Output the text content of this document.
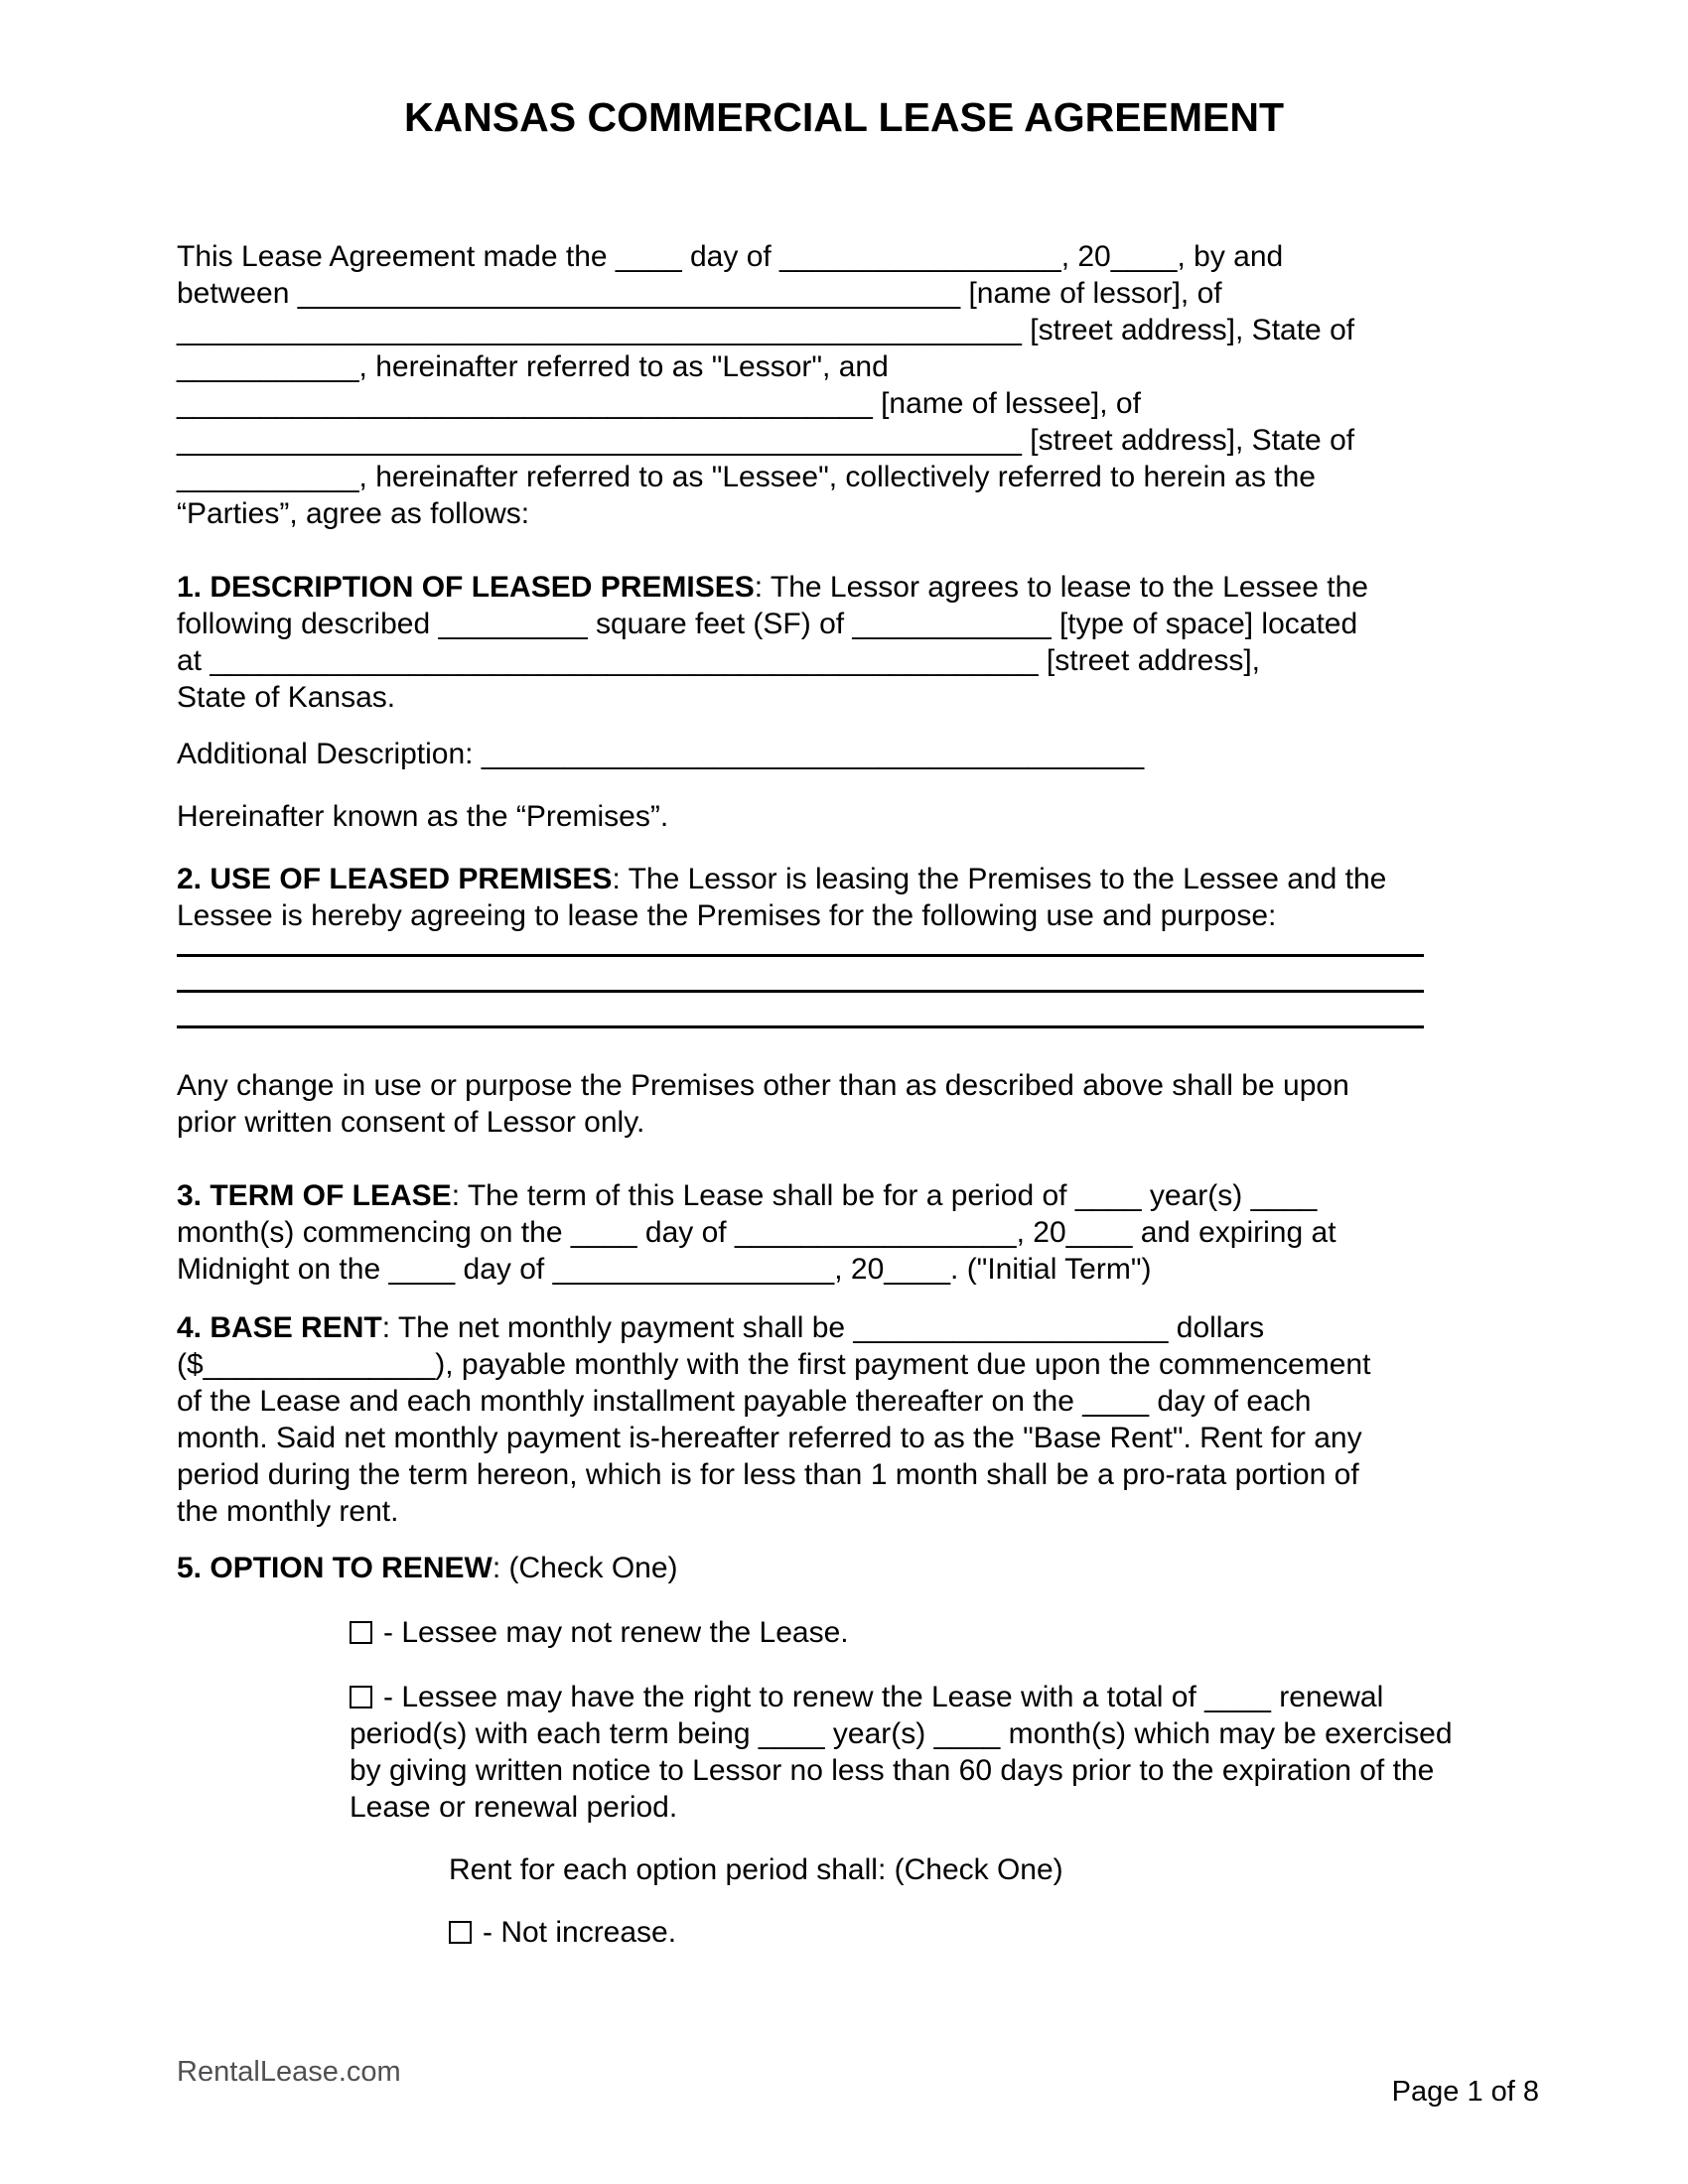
KANSAS COMMERCIAL LEASE AGREEMENT
This Lease Agreement made the ____ day of _________________, 20____, by and
between ________________________________________ [name of lessor], of
___________________________________________________ [street address], State of
___________, hereinafter referred to as "Lessor", and
__________________________________________ [name of lessee], of
___________________________________________________ [street address], State of
___________, hereinafter referred to as "Lessee", collectively referred to herein as the
“Parties”, agree as follows:
1. DESCRIPTION OF LEASED PREMISES: The Lessor agrees to lease to the Lessee the
following described _________ square feet (SF) of ____________ [type of space] located
at __________________________________________________ [street address],
State of Kansas.
Additional Description: ________________________________________
Hereinafter known as the “Premises”.
2. USE OF LEASED PREMISES: The Lessor is leasing the Premises to the Lessee and the
Lessee is hereby agreeing to lease the Premises for the following use and purpose:
Any change in use or purpose the Premises other than as described above shall be upon
prior written consent of Lessor only.
3. TERM OF LEASE: The term of this Lease shall be for a period of ____ year(s) ____
month(s) commencing on the ____ day of _________________, 20____ and expiring at
Midnight on the ____ day of _________________, 20____. ("Initial Term")
4. BASE RENT: The net monthly payment shall be ___________________ dollars
($______________), payable monthly with the first payment due upon the commencement
of the Lease and each monthly installment payable thereafter on the ____ day of each
month. Said net monthly payment is-hereafter referred to as the "Base Rent". Rent for any
period during the term hereon, which is for less than 1 month shall be a pro-rata portion of
the monthly rent.
5. OPTION TO RENEW: (Check One)
- Lessee may not renew the Lease.
- Lessee may have the right to renew the Lease with a total of ____ renewal
period(s) with each term being ____ year(s) ____ month(s) which may be exercised
by giving written notice to Lessor no less than 60 days prior to the expiration of the
Lease or renewal period.
Rent for each option period shall: (Check One)
- Not increase.
RentalLease.com
Page 1 of 8
